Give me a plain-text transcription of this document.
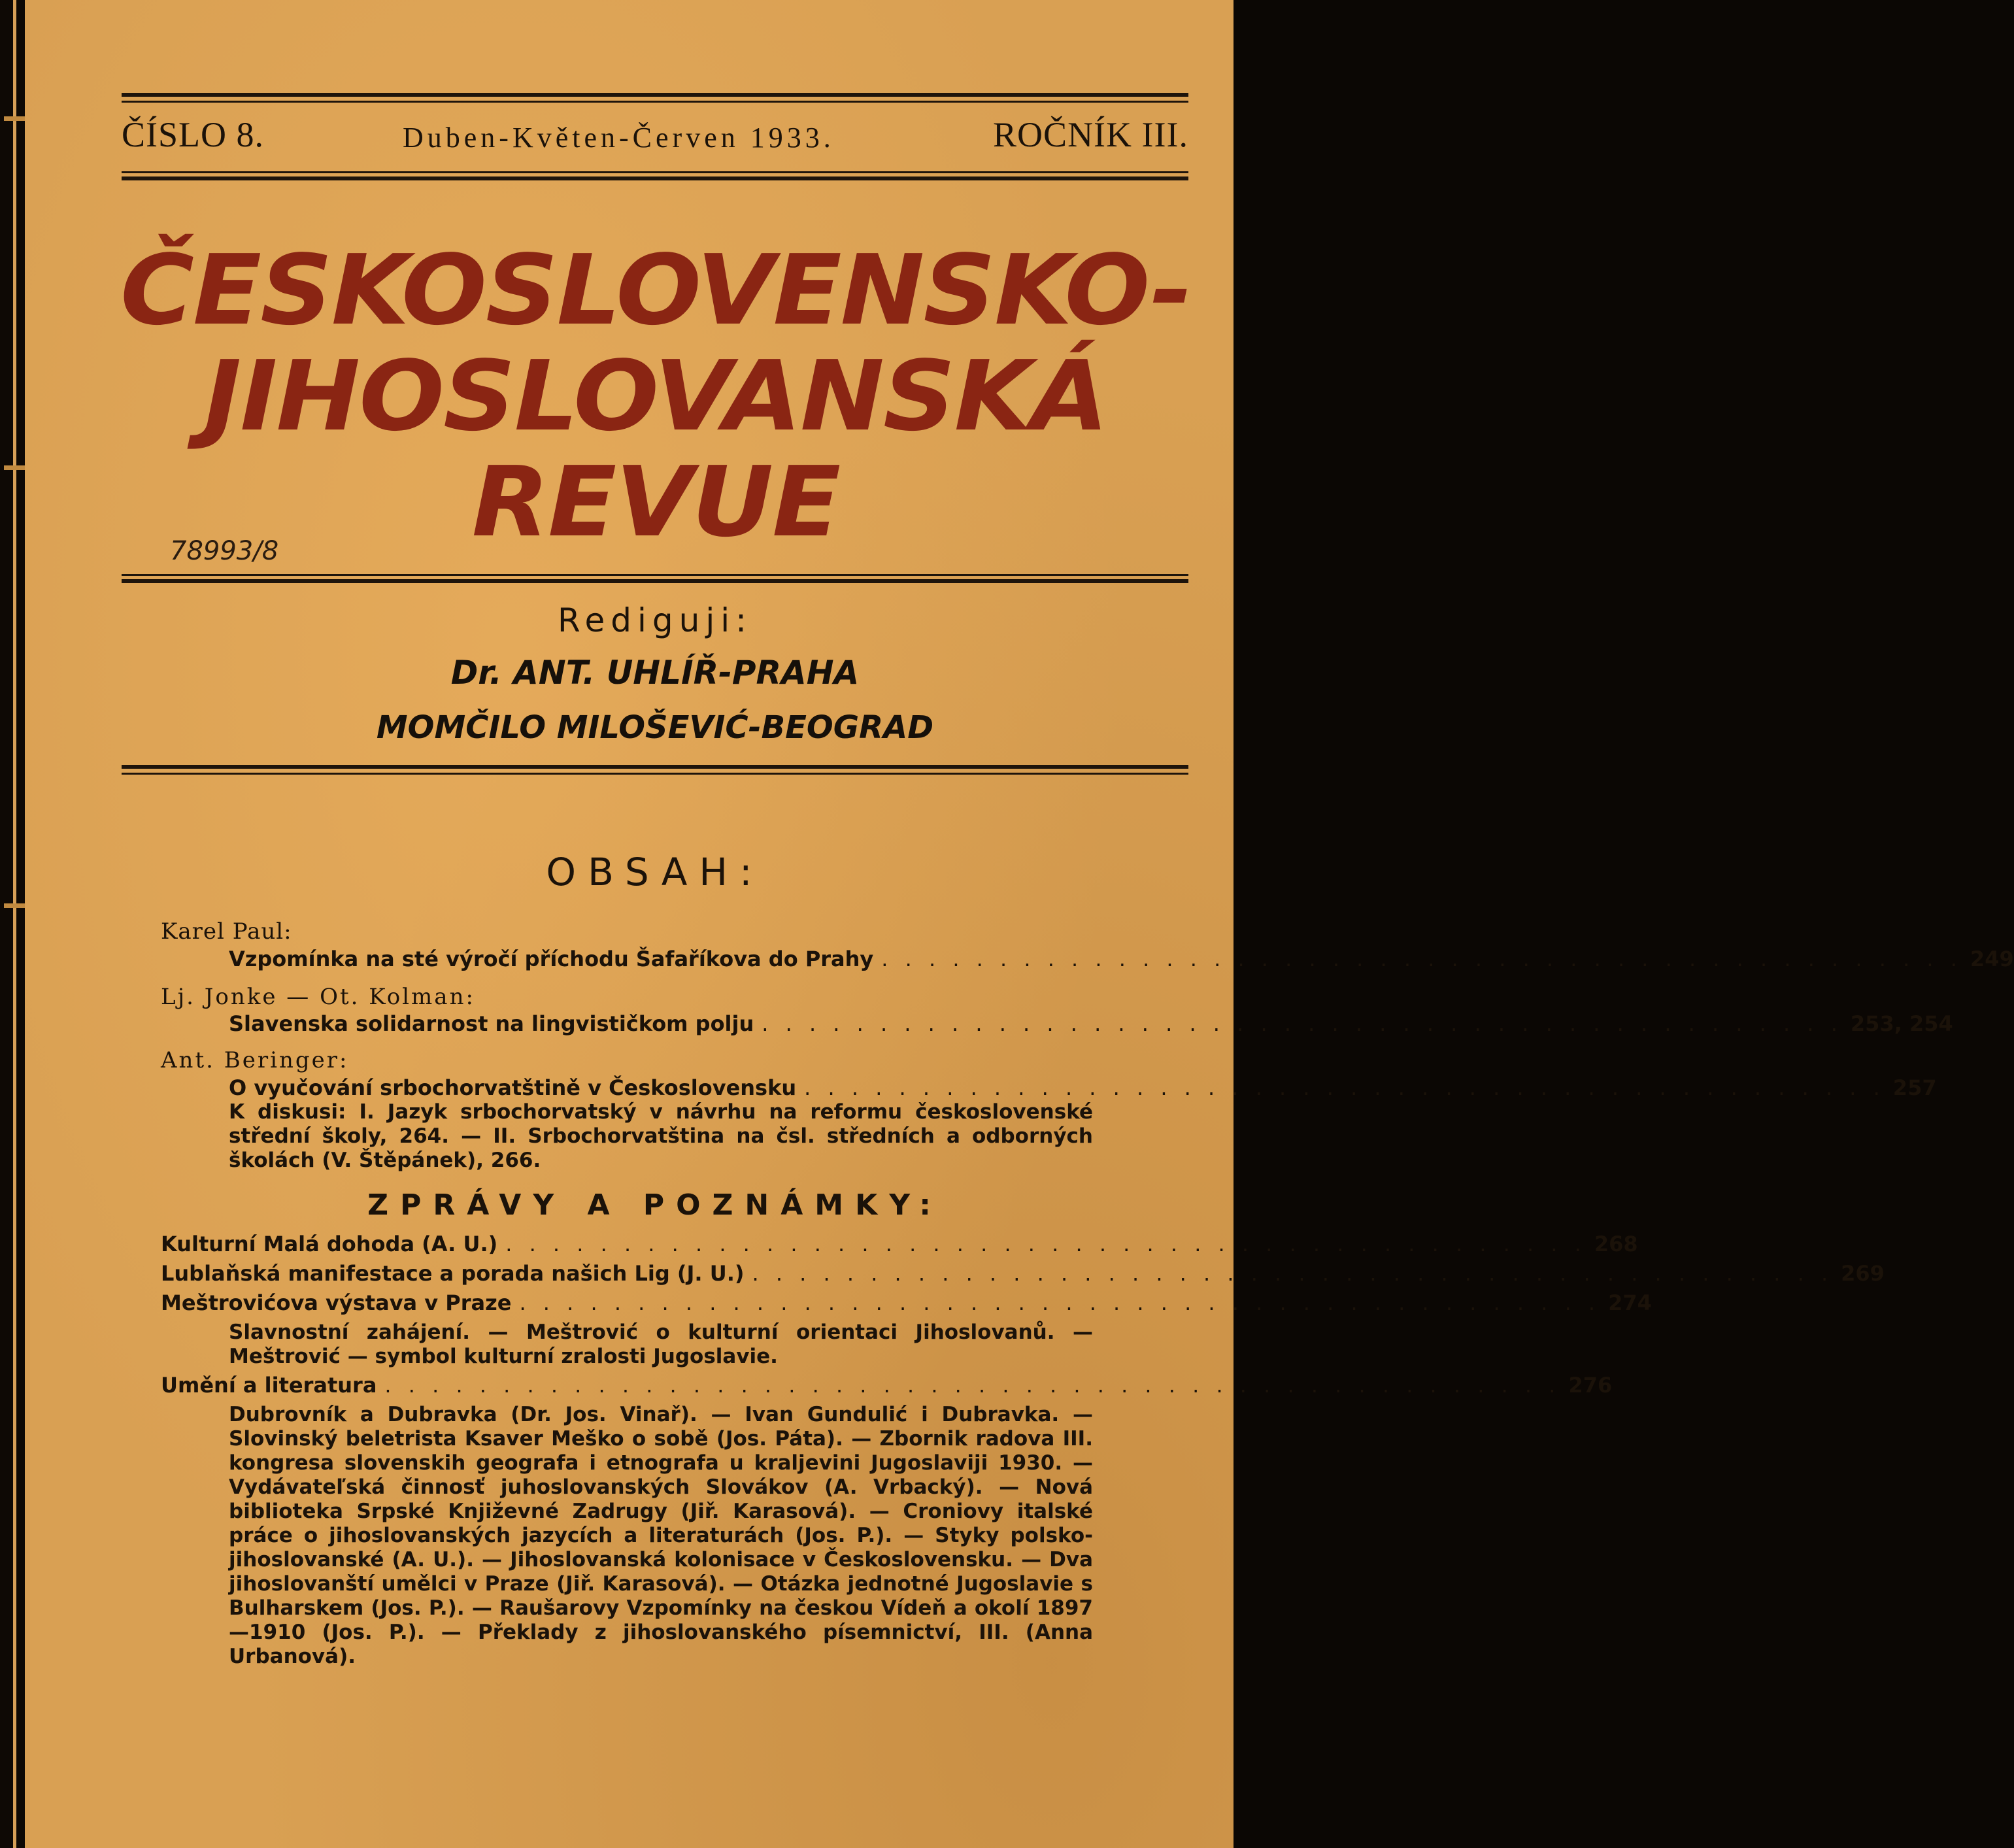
ČÍSLO 8.	Duben-Květen-Červen 1933.	ROČNÍK III.
ČESKOSLOVENSKO-
JIHOSLOVANSKÁ
REVUE
78993/8
Rediguji:
Dr. ANT. UHLÍŘ-PRAHA
MOMČILO MILOŠEVIĆ-BEOGRAD
OBSAH:
Karel Paul:
Vzpomínka na sté výročí příchodu Šafaříkova do Prahy . . . . . . . . . . . . . . . . . . . . . . . . . . . . . . . . . . . . . . . . . . . . . . 249
Lj. Jonke — Ot. Kolman:
Slavenska solidarnost na lingvističkom polju . . . . . . . . . . . . . . . . . . . . . . . . . . . . . . . . . . . . . . . . . . . . . . 253, 254
Ant. Beringer:
O vyučování srbochorvatštině v Československu . . . . . . . . . . . . . . . . . . . . . . . . . . . . . . . . . . . . . . . . . . . . . . 257
K diskusi: I. Jazyk srbochorvatský v návrhu na reformu československé střední školy, 264. — II. Srbochorvatština na čsl. středních a odborných školách (V. Štěpánek), 266.
ZPRÁVY A POZNÁMKY:
Kulturní Malá dohoda (A. U.) . . . . . . . . . . . . . . . . . . . . . . . . . . . . . . . . . . . . . . . . . . . . . . 268
Lublaňská manifestace a porada našich Lig (J. U.) . . . . . . . . . . . . . . . . . . . . . . . . . . . . . . . . . . . . . . . . . . . . . . 269
Meštrovićova výstava v Praze . . . . . . . . . . . . . . . . . . . . . . . . . . . . . . . . . . . . . . . . . . . . . . 274
Slavnostní zahájení. — Meštrović o kulturní orientaci Jihoslovanů. — Meštrović — symbol kulturní zralosti Jugoslavie.
Umění a literatura . . . . . . . . . . . . . . . . . . . . . . . . . . . . . . . . . . . . . . . . . . . . . . . . . . 276
Dubrovník a Dubravka (Dr. Jos. Vinař). — Ivan Gundulić i Dubravka. — Slovinský beletrista Ksaver Meško o sobě (Jos. Páta). — Zbornik radova III. kongresa slovenskih geografa i etnografa u kraljevini Jugoslaviji 1930. — Vydávateľská činnosť juhoslovanských Slovákov (A. Vrbacký). — Nová biblioteka Srpské Književné Zadrugy (Jiř. Karasová). — Croniovy italské práce o jihoslovanských jazycích a literaturách (Jos. P.). — Styky polsko-jihoslovanské (A. U.). — Jihoslovanská kolonisace v Československu. — Dva jihoslovanští umělci v Praze (Jiř. Karasová). — Otázka jednotné Jugoslavie s Bulharskem (Jos. P.). — Raušarovy Vzpomínky na českou Vídeň a okolí 1897—1910 (Jos. P.). — Překlady z jihoslovanského písemnictví, III. (Anna Urbanová).
